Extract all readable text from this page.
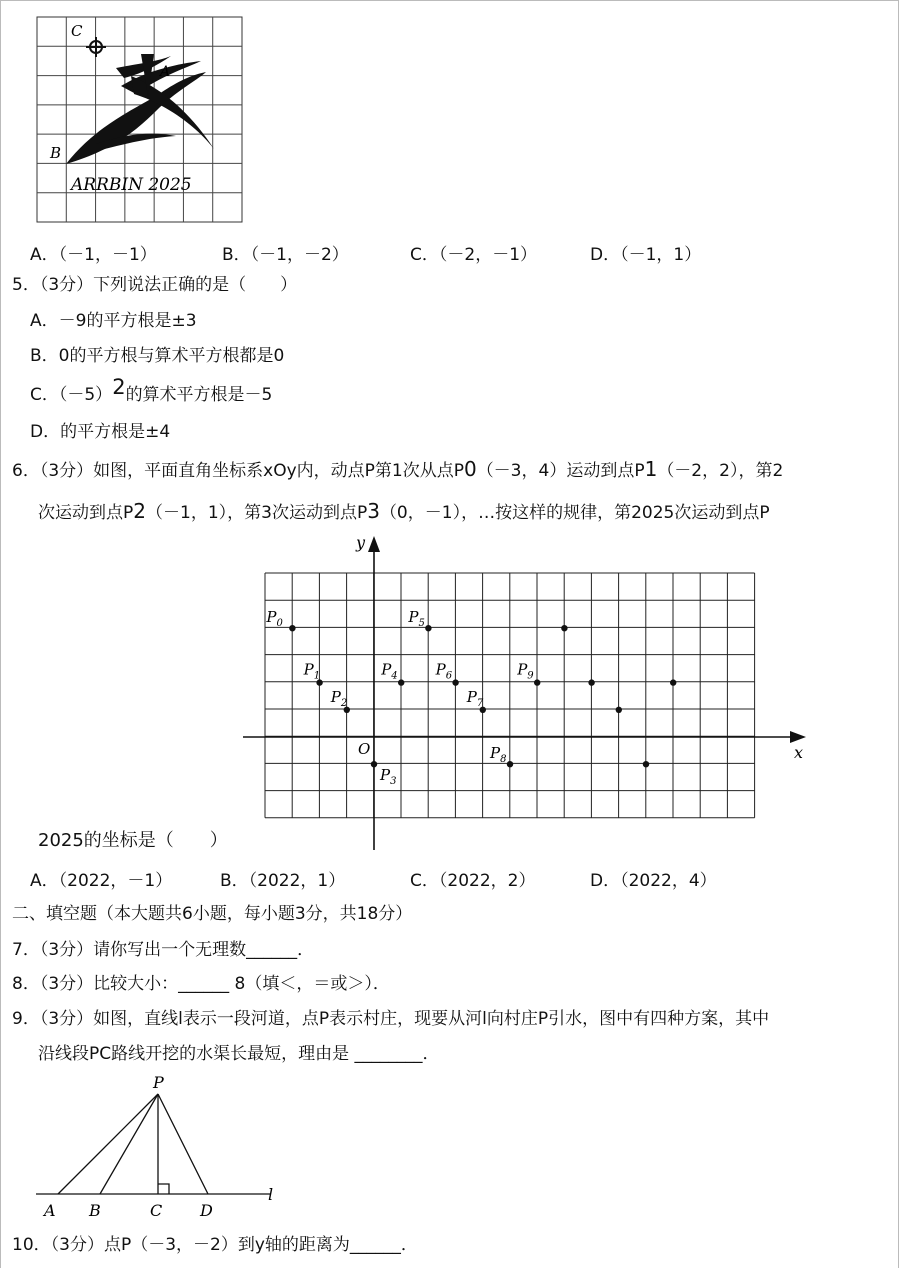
C
A
B
ARRBIN 2025
A．（－1，－1）	B．（－1，－2）	C．（－2，－1）	D．（－1，1）
5．（3分）下列说法正确的是（　　）
A．－9的平方根是±3
B．0的平方根与算术平方根都是0
C．（－5）2的算术平方根是－5
D．的平方根是±4
6．（3分）如图，平面直角坐标系xOy内，动点P第1次从点P0（－3，4）运动到点P1（－2，2），第2
次运动到点P2（－1，1），第3次运动到点P3（0，－1），…按这样的规律，第2025次运动到点P
y
x
O
$P_0$
$P_1$
$P_2$
$P_3$
$P_4$
$P_5$
$P_6$
$P_7$
$P_8$
$P_9$
2025的坐标是（　　）
A．（2022，－1）	B．（2022，1）	C．（2022，2）	D．（2022，4）
二、填空题（本大题共6小题，每小题3分，共18分）
7．（3分）请你写出一个无理数______．
8．（3分）比较大小：______ 8（填＜，＝或＞）．
9．（3分）如图，直线l表示一段河道，点P表示村庄，现要从河l向村庄P引水，图中有四种方案，其中
沿线段PC路线开挖的水渠长最短，理由是 ________．
P
A B	C D
l
10．（3分）点P（－3，－2）到y轴的距离为______．
